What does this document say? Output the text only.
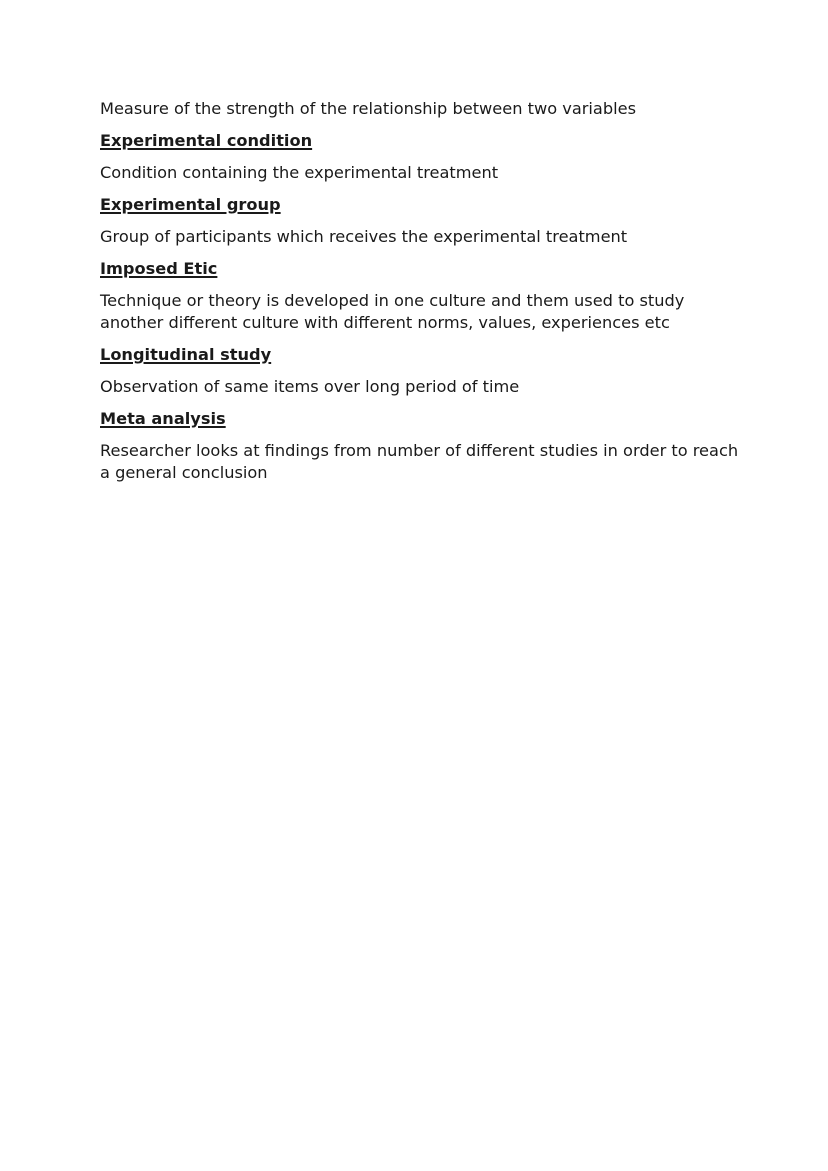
Measure of the strength of the relationship between two variables

Experimental condition

Condition containing the experimental treatment

Experimental group

Group of participants which receives the experimental treatment

Imposed Etic

Technique or theory is developed in one culture and them used to study another different culture with different norms, values, experiences etc

Longitudinal study

Observation of same items over long period of time

Meta analysis

Researcher looks at findings from number of different studies in order to reach a general conclusion
